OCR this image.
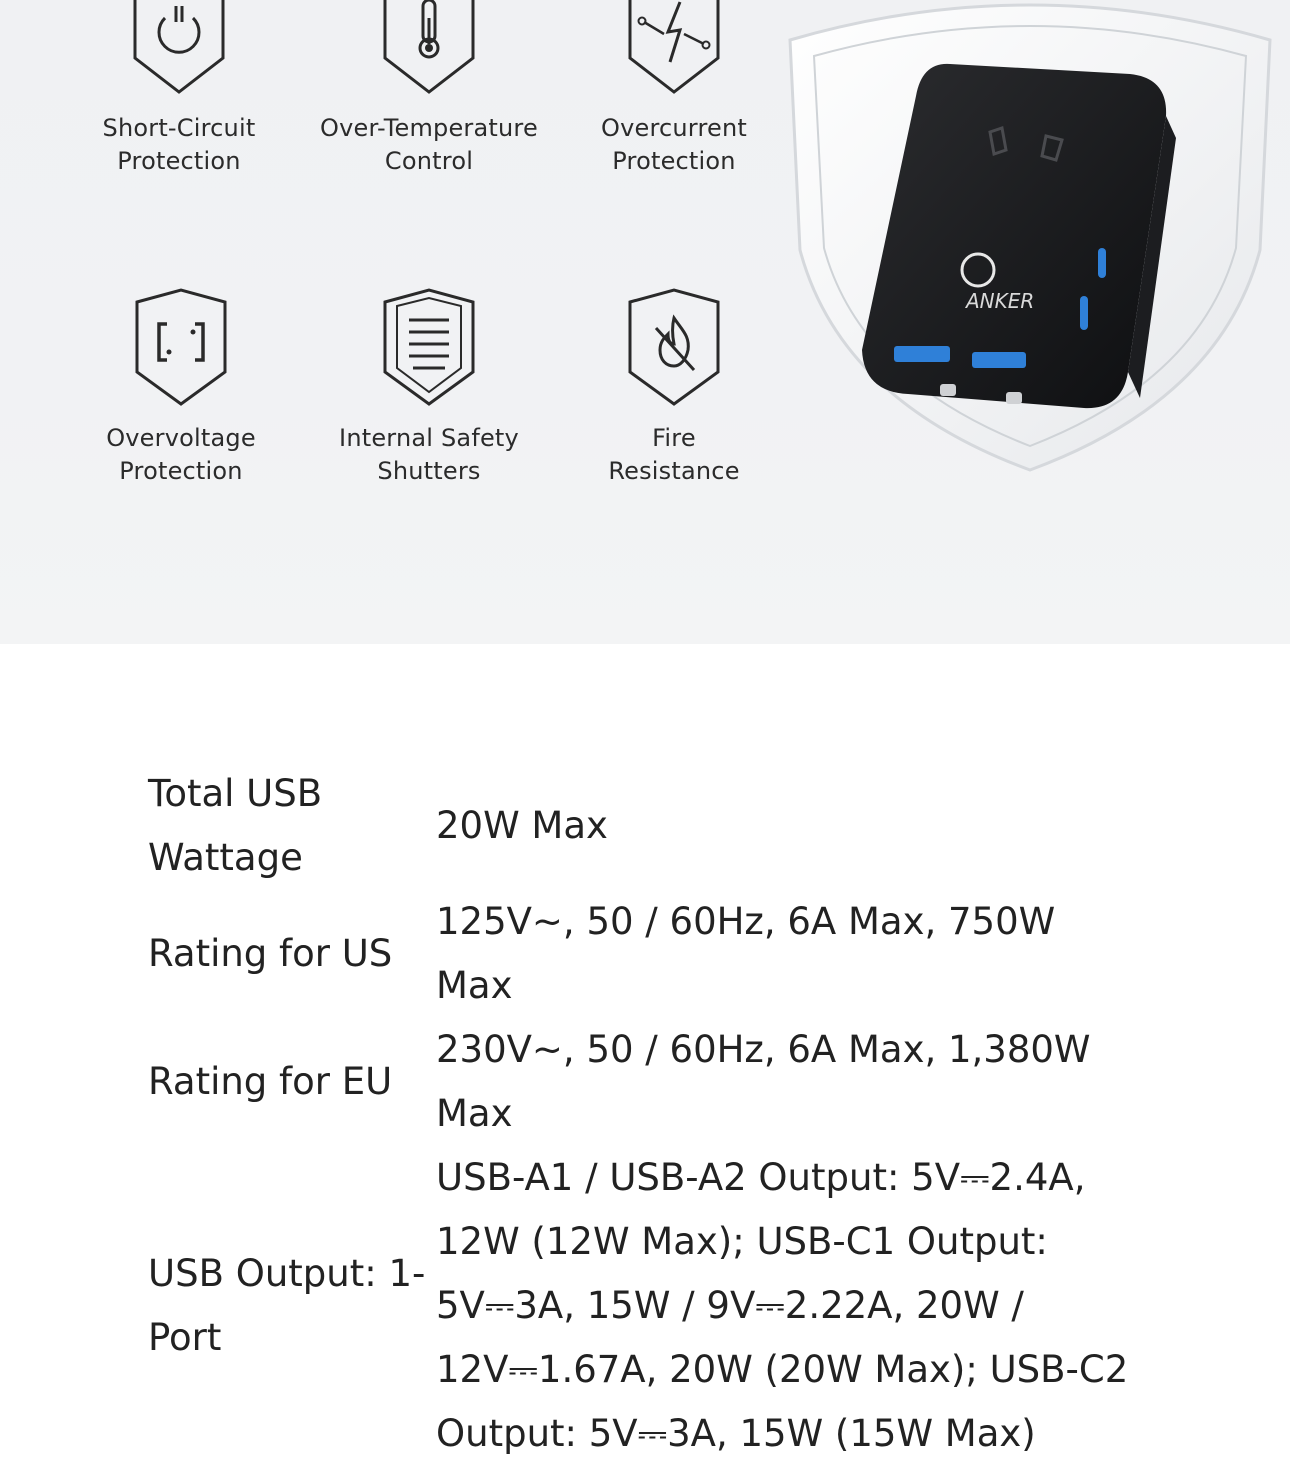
Short-Circuit
Protection
Over-Temperature
Control
Overcurrent
Protection
Overvoltage
Protection
Internal Safety
Shutters
Fire
Resistance
ANKER
Total USB Wattage	20W Max
Rating for US	125V~, 50 / 60Hz, 6A Max, 750W Max
Rating for EU	230V~, 50 / 60Hz, 6A Max, 1,380W Max
USB Output: 1-Port	USB-A1 / USB-A2 Output: 5V⎓2.4A, 12W (12W Max); USB-C1 Output: 5V⎓3A, 15W / 9V⎓2.22A, 20W / 12V⎓1.67A, 20W (20W Max); USB-C2 Output: 5V⎓3A, 15W (15W Max)
